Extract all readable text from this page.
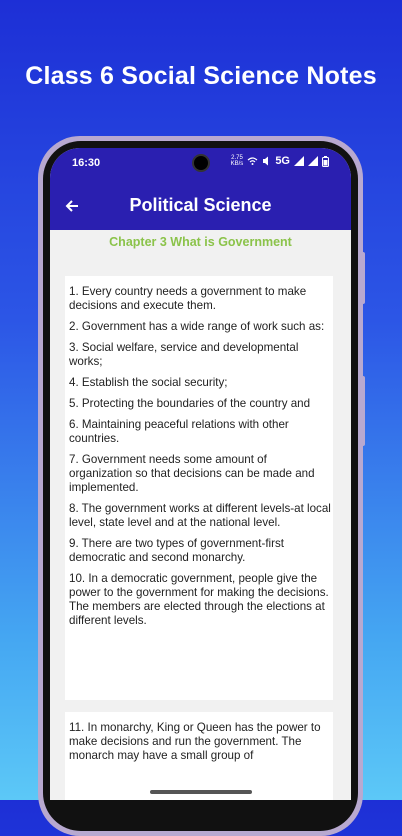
Class 6 Social Science Notes
16:30	2.75
KB/s	5G
Political Science
Chapter 3 What is Government

1. Every country needs a government to make decisions and execute them.

2. Government has a wide range of work such as:

3. Social welfare, service and developmental works;

4. Establish the social security;

5. Protecting the boundaries of the country and

6. Maintaining peaceful relations with other countries.

7. Government needs some amount of organization so that decisions can be made and implemented.

8. The government works at different levels-at local level, state level and at the national level.

9. There are two types of government-first democratic and second monarchy.

10. In a democratic government, people give the power to the government for making the decisions. The members are elected through the elections at different levels.

11. In monarchy, King or Queen has the power to make decisions and run the government. The monarch may have a small group of
